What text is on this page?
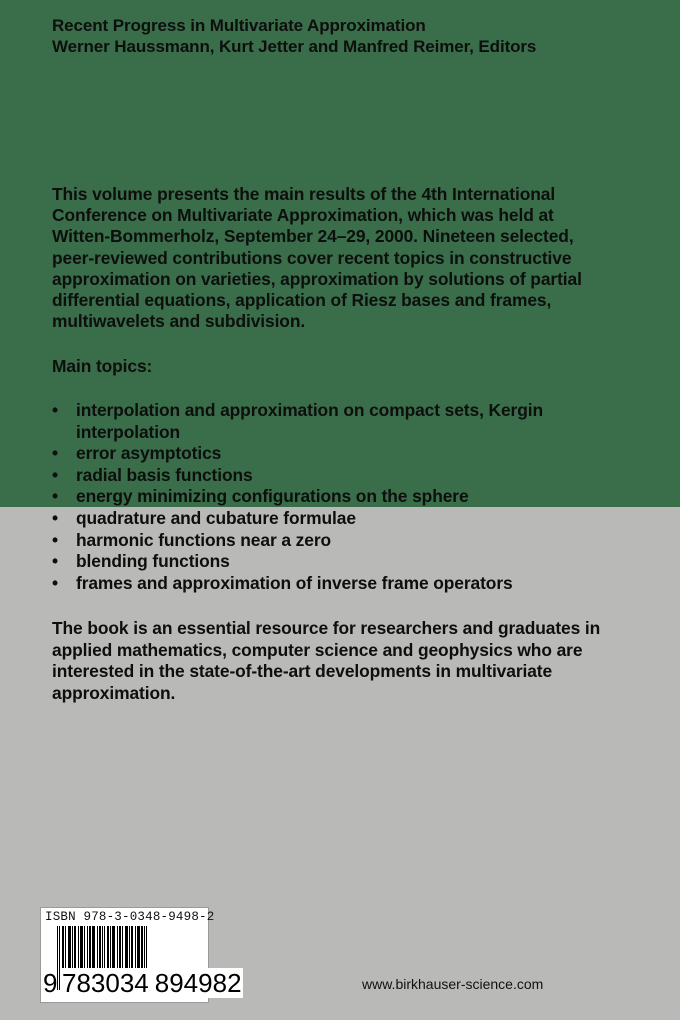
Recent Progress in Multivariate Approximation
Werner Haussmann, Kurt Jetter and Manfred Reimer, Editors
This volume presents the main results of the 4th International
Conference on Multivariate Approximation, which was held at
Witten-Bommerholz, September 24–29, 2000. Nineteen selected,
peer-reviewed contributions cover recent topics in constructive
approximation on varieties, approximation by solutions of partial
differential equations, application of Riesz bases and frames,
multiwavelets and subdivision.
Main topics:
• interpolation and approximation on compact sets, Kergin
interpolation
• error asymptotics
• radial basis functions
• energy minimizing configurations on the sphere
• quadrature and cubature formulae
• harmonic functions near a zero
• blending functions
• frames and approximation of inverse frame operators
The book is an essential resource for researchers and graduates in
applied mathematics, computer science and geophysics who are
interested in the state-of-the-art developments in multivariate
approximation.
ISBN 978-3-0348-9498-2
9 783034 894982	www.birkhauser-science.com
